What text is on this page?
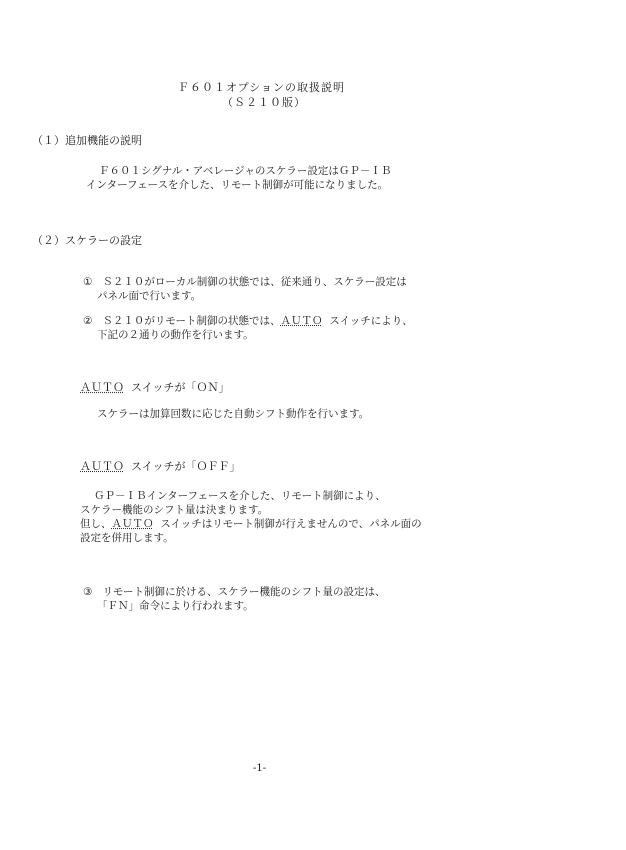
Ｆ６０１オプションの取扱説明
（Ｓ２１０版）
（１）追加機能の説明
Ｆ６０１シグナル・アベレージャのスケラー設定はＧＰ－ＩＢ
インターフェースを介した、リモート制御が可能になりました。
（２）スケラーの設定
① Ｓ２１０がローカル制御の状態では、従来通り、スケラー設定は
パネル面で行います。
② Ｓ２１０がリモート制御の状態では、ＡＵＴＯ スイッチにより、
下記の２通りの動作を行います。
ＡＵＴＯ スイッチが「ＯＮ」
スケラーは加算回数に応じた自動シフト動作を行います。
ＡＵＴＯ スイッチが「ＯＦＦ」
ＧＰ－ＩＢインターフェースを介した、リモート制御により、
スケラー機能のシフト量は決まります。
但し、ＡＵＴＯ スイッチはリモート制御が行えませんので、パネル面の
設定を併用します。
③ リモート制御に於ける、スケラー機能のシフト量の設定は、
「ＦＮ」命令により行われます。
-1-
